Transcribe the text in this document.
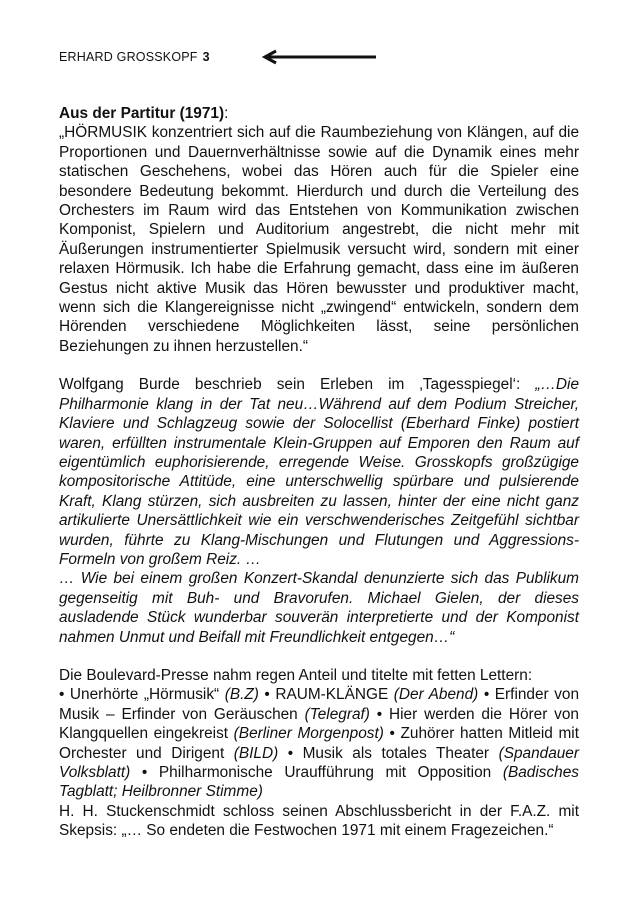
ERHARD GROSSKOPF 3

Aus der Partitur (1971):

„HÖRMUSIK konzentriert sich auf die Raumbeziehung von Klängen, auf die Proportionen und Dauernverhältnisse sowie auf die Dynamik eines mehr statischen Geschehens, wobei das Hören auch für die Spieler eine besondere Bedeutung bekommt. Hierdurch und durch die Verteilung des Orchesters im Raum wird das Entstehen von Kommunikation zwischen Komponist, Spielern und Auditorium angestrebt, die nicht mehr mit Äußerungen instrumentierter Spielmusik versucht wird, sondern mit einer relaxen Hörmusik. Ich habe die Erfahrung gemacht, dass eine im äußeren Gestus nicht aktive Musik das Hören bewusster und produktiver macht, wenn sich die Klangereignisse nicht „zwingend“ entwickeln, sondern dem Hörenden verschiedene Möglichkeiten lässt, seine persönlichen Beziehungen zu ihnen herzustellen.“

Wolfgang Burde beschrieb sein Erleben im ‚Tagesspiegel‘: „…Die Philharmonie klang in der Tat neu…Während auf dem Podium Streicher, Klaviere und Schlagzeug sowie der Solocellist (Eberhard Finke) postiert waren, erfüllten instrumentale Klein-Gruppen auf Emporen den Raum auf eigentümlich euphorisierende, erregende Weise. Grosskopfs großzügige kompositorische Attitüde, eine unterschwellig spürbare und pulsierende Kraft, Klang stürzen, sich ausbreiten zu lassen, hinter der eine nicht ganz artikulierte Unersättlichkeit wie ein verschwenderisches Zeitgefühl sichtbar wurden, führte zu Klang-Mischungen und Flutungen und Aggressions-Formeln von großem Reiz. …
… Wie bei einem großen Konzert-Skandal denunzierte sich das Publikum gegenseitig mit Buh- und Bravorufen. Michael Gielen, der dieses ausladende Stück wunderbar souverän interpretierte und der Komponist nahmen Unmut und Beifall mit Freundlichkeit entgegen…“

Die Boulevard-Presse nahm regen Anteil und titelte mit fetten Lettern:

• Unerhörte „Hörmusik“ (B.Z) • RAUM-KLÄNGE (Der Abend) • Erfinder von Musik – Erfinder von Geräuschen (Telegraf) • Hier werden die Hörer von Klangquellen eingekreist (Berliner Morgenpost) • Zuhörer hatten Mitleid mit Orchester und Dirigent (BILD) • Musik als totales Theater (Spandauer Volksblatt) • Philharmonische Uraufführung mit Opposition (Badisches Tagblatt; Heilbronner Stimme)

H. H. Stuckenschmidt schloss seinen Abschlussbericht in der F.A.Z. mit Skepsis: „… So endeten die Festwochen 1971 mit einem Fragezeichen.“
